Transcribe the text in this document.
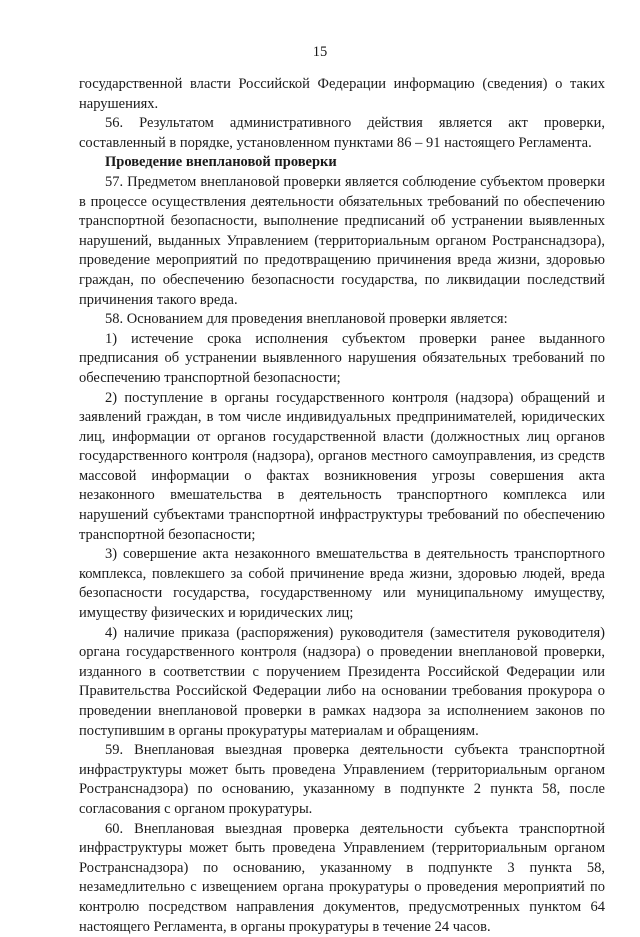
15

государственной власти Российской Федерации информацию (сведения) о таких нарушениях.

56. Результатом административного действия является акт проверки, составленный в порядке, установленном пунктами 86 – 91 настоящего Регламента.

Проведение внеплановой проверки

57. Предметом внеплановой проверки является соблюдение субъектом проверки в процессе осуществления деятельности обязательных требований по обеспечению транспортной безопасности, выполнение предписаний об устранении выявленных нарушений, выданных Управлением (территориальным органом Ространснадзора), проведение мероприятий по предотвращению причинения вреда жизни, здоровью граждан, по обеспечению безопасности государства, по ликвидации последствий причинения такого вреда.

58. Основанием для проведения внеплановой проверки является:

1) истечение срока исполнения субъектом проверки ранее выданного предписания об устранении выявленного нарушения обязательных требований по обеспечению транспортной безопасности;

2) поступление в органы государственного контроля (надзора) обращений и заявлений граждан, в том числе индивидуальных предпринимателей, юридических лиц, информации от органов государственной власти (должностных лиц органов государственного контроля (надзора), органов местного самоуправления, из средств массовой информации о фактах возникновения угрозы совершения акта незаконного вмешательства в деятельность транспортного комплекса или нарушений субъектами транспортной инфраструктуры требований по обеспечению транспортной безопасности;

3) совершение акта незаконного вмешательства в деятельность транспортного комплекса, повлекшего за собой причинение вреда жизни, здоровью людей, вреда безопасности государства, государственному или муниципальному имуществу, имуществу физических и юридических лиц;

4) наличие приказа (распоряжения) руководителя (заместителя руководителя) органа государственного контроля (надзора) о проведении внеплановой проверки, изданного в соответствии с поручением Президента Российской Федерации или Правительства Российской Федерации либо на основании требования прокурора о проведении внеплановой проверки в рамках надзора за исполнением законов по поступившим в органы прокуратуры материалам и обращениям.

59. Внеплановая выездная проверка деятельности субъекта транспортной инфраструктуры может быть проведена Управлением (территориальным органом Ространснадзора) по основанию, указанному в подпункте 2 пункта 58, после согласования с органом прокуратуры.

60. Внеплановая выездная проверка деятельности субъекта транспортной инфраструктуры может быть проведена Управлением (территориальным органом Ространснадзора) по основанию, указанному в подпункте 3 пункта 58, незамедлительно с извещением органа прокуратуры о проведения мероприятий по контролю посредством направления документов, предусмотренных пунктом 64 настоящего Регламента, в органы прокуратуры в течение 24 часов.
